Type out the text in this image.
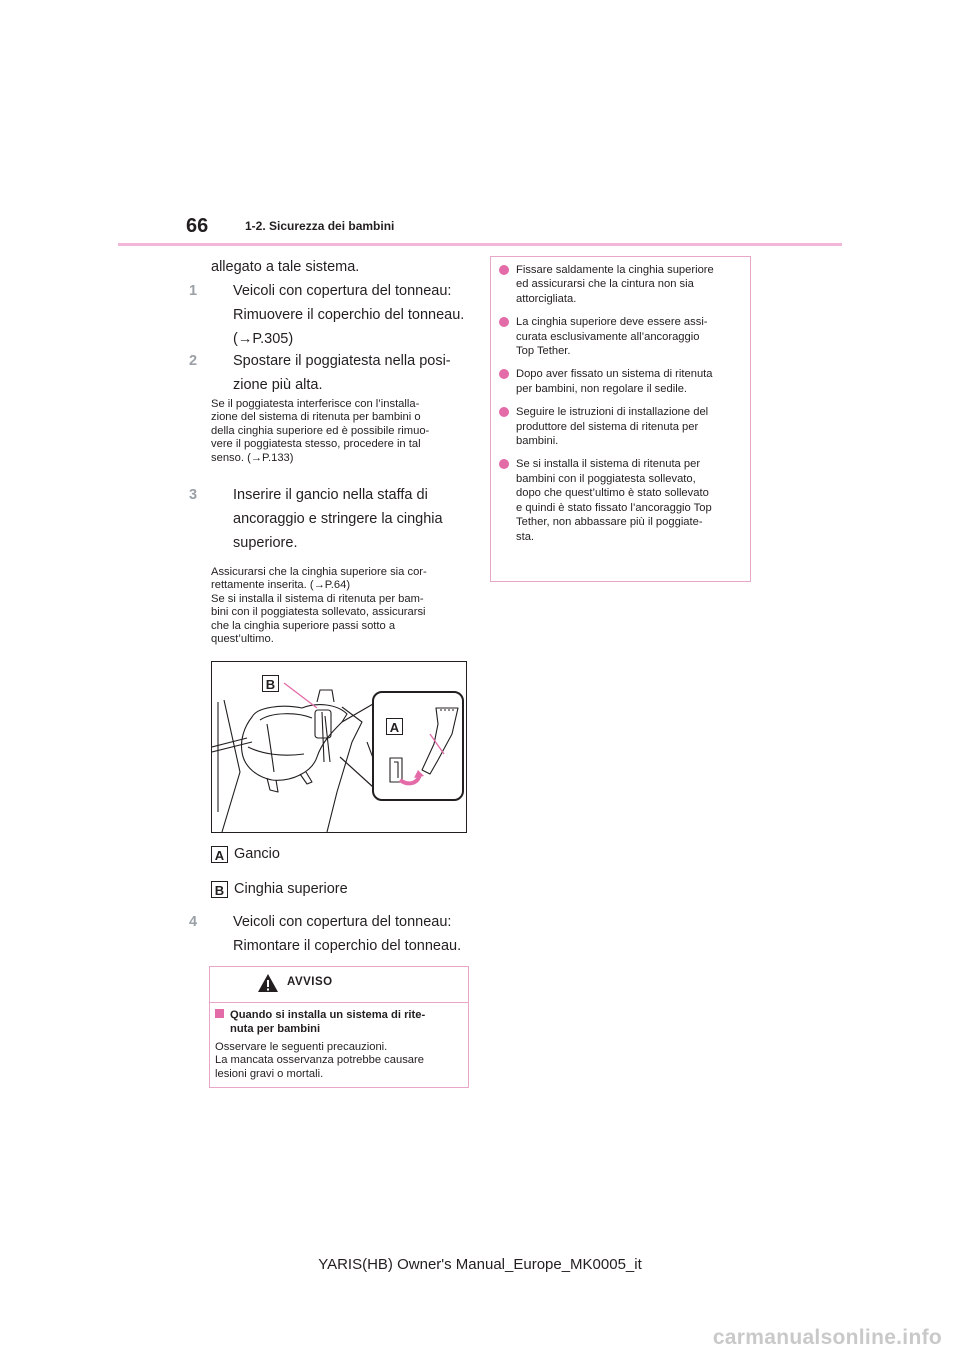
66	1-2. Sicurezza dei bambini
allegato a tale sistema.
1 Veicoli con copertura del tonneau:
Rimuovere il coperchio del tonneau.
(→P.305)
2 Spostare il poggiatesta nella posi-
zione più alta.
Se il poggiatesta interferisce con l’installa-
zione del sistema di ritenuta per bambini o
della cinghia superiore ed è possibile rimuo-
vere il poggiatesta stesso, procedere in tal
senso. (→P.133)
3 Inserire il gancio nella staffa di
ancoraggio e stringere la cinghia
superiore.
Assicurarsi che la cinghia superiore sia cor-
rettamente inserita. (→P.64)
Se si installa il sistema di ritenuta per bam-
bini con il poggiatesta sollevato, assicurarsi
che la cinghia superiore passi sotto a
quest’ultimo.
B
A
A Gancio
B Cinghia superiore
4 Veicoli con copertura del tonneau:
Rimontare il coperchio del tonneau.
AVVISO
Quando si installa un sistema di rite-
nuta per bambini
Osservare le seguenti precauzioni.
La mancata osservanza potrebbe causare
lesioni gravi o mortali.
Fissare saldamente la cinghia superiore
ed assicurarsi che la cintura non sia
attorcigliata.
La cinghia superiore deve essere assi-
curata esclusivamente all’ancoraggio
Top Tether.
Dopo aver fissato un sistema di ritenuta
per bambini, non regolare il sedile.
Seguire le istruzioni di installazione del
produttore del sistema di ritenuta per
bambini.
Se si installa il sistema di ritenuta per
bambini con il poggiatesta sollevato,
dopo che quest’ultimo è stato sollevato
e quindi è stato fissato l’ancoraggio Top
Tether, non abbassare più il poggiate-
sta.
YARIS(HB) Owner's Manual_Europe_MK0005_it
carmanualsonline.info
